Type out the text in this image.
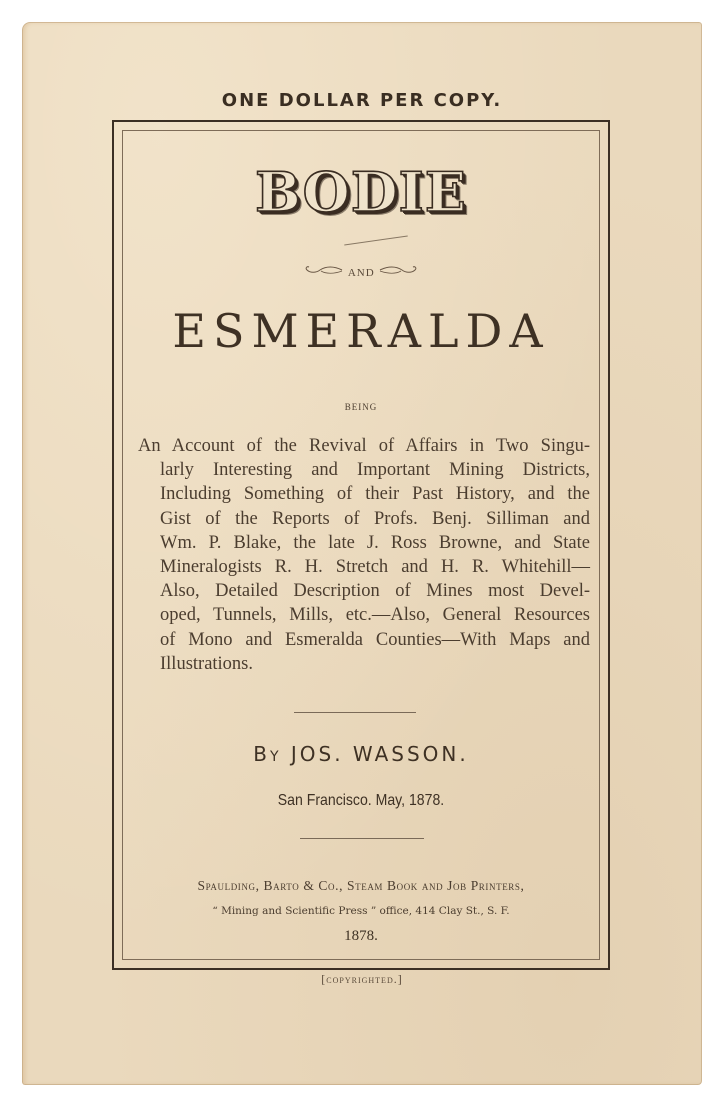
ONE DOLLAR PER COPY.
BODIE
AND
ESMERALDA
BEING
An Account of the Revival of Affairs in Two Singu-
larly Interesting and Important Mining Districts,
Including Something of their Past History, and the
Gist of the Reports of Profs. Benj. Silliman and
Wm. P. Blake, the late J. Ross Browne, and State
Mineralogists R. H. Stretch and H. R. Whitehill—
Also, Detailed Description of Mines most Devel-
oped, Tunnels, Mills, etc.—Also, General Resources
of Mono and Esmeralda Counties—With Maps and
Illustrations.
By JOS. WASSON.
San Francisco. May, 1878.
Spaulding, Barto & Co., Steam Book and Job Printers,
“ Mining and Scientific Press ” office, 414 Clay St., S. F.
1878.
[copyrighted.]
